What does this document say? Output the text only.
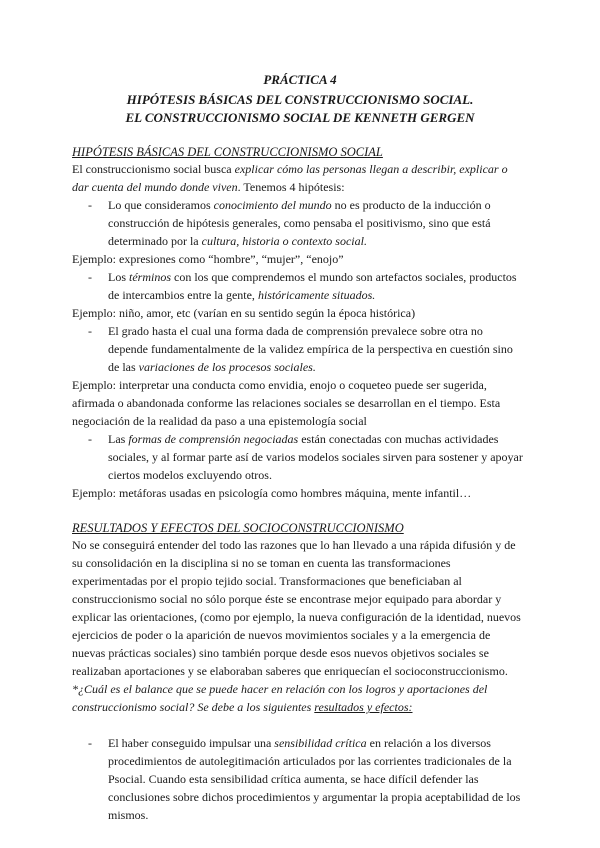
PRÁCTICA 4
HIPÓTESIS BÁSICAS DEL CONSTRUCCIONISMO SOCIAL.
EL CONSTRUCCIONISMO SOCIAL DE KENNETH GERGEN
HIPÓTESIS BÁSICAS DEL CONSTRUCCIONISMO SOCIAL
El construccionismo social busca explicar cómo las personas llegan a describir, explicar o
dar cuenta del mundo donde viven. Tenemos 4 hipótesis:
- Lo que consideramos conocimiento del mundo no es producto de la inducción o
construcción de hipótesis generales, como pensaba el positivismo, sino que está
determinado por la cultura, historia o contexto social.
Ejemplo: expresiones como “hombre”, “mujer”, “enojo”
- Los términos con los que comprendemos el mundo son artefactos sociales, productos
de intercambios entre la gente, históricamente situados.
Ejemplo: niño, amor, etc (varían en su sentido según la época histórica)
- El grado hasta el cual una forma dada de comprensión prevalece sobre otra no
depende fundamentalmente de la validez empírica de la perspectiva en cuestión sino
de las variaciones de los procesos sociales.
Ejemplo: interpretar una conducta como envidia, enojo o coqueteo puede ser sugerida,
afirmada o abandonada conforme las relaciones sociales se desarrollan en el tiempo. Esta
negociación de la realidad da paso a una epistemología social
- Las formas de comprensión negociadas están conectadas con muchas actividades
sociales, y al formar parte así de varios modelos sociales sirven para sostener y apoyar
ciertos modelos excluyendo otros.
Ejemplo: metáforas usadas en psicología como hombres máquina, mente infantil…
RESULTADOS Y EFECTOS DEL SOCIOCONSTRUCCIONISMO
No se conseguirá entender del todo las razones que lo han llevado a una rápida difusión y de
su consolidación en la disciplina si no se toman en cuenta las transformaciones
experimentadas por el propio tejido social. Transformaciones que beneficiaban al
construccionismo social no sólo porque éste se encontrase mejor equipado para abordar y
explicar las orientaciones, (como por ejemplo, la nueva configuración de la identidad, nuevos
ejercicios de poder o la aparición de nuevos movimientos sociales y a la emergencia de
nuevas prácticas sociales) sino también porque desde esos nuevos objetivos sociales se
realizaban aportaciones y se elaboraban saberes que enriquecían el socioconstruccionismo.
*¿Cuál es el balance que se puede hacer en relación con los logros y aportaciones del
construccionismo social? Se debe a los siguientes resultados y efectos:
- El haber conseguido impulsar una sensibilidad crítica en relación a los diversos
procedimientos de autolegitimación articulados por las corrientes tradicionales de la
Psocial. Cuando esta sensibilidad crítica aumenta, se hace difícil defender las
conclusiones sobre dichos procedimientos y argumentar la propia aceptabilidad de los
mismos.
